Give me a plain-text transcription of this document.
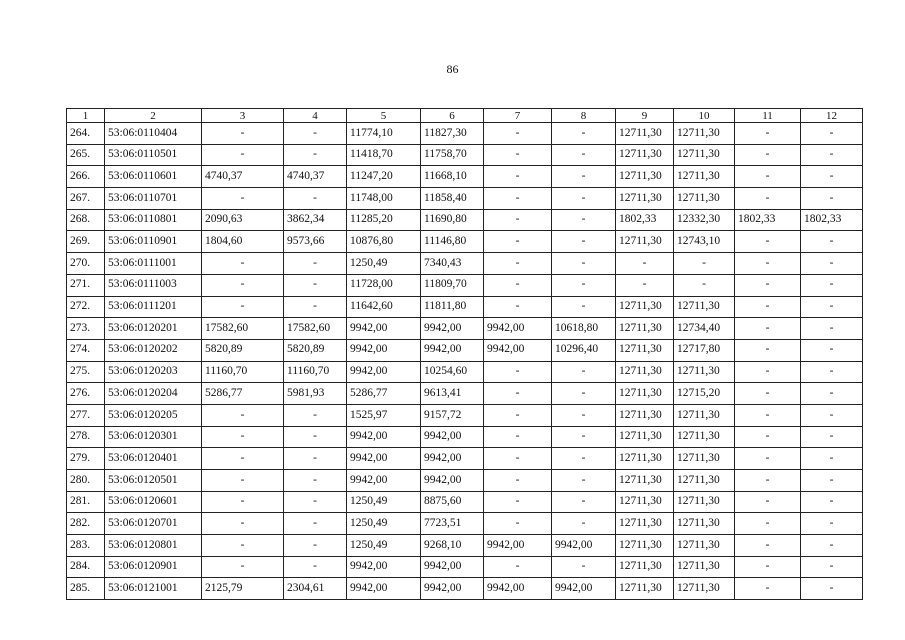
86
1	2	3	4	5	6	7	8	9	10	11	12
264.	53:06:0110404	-	-	11774,10	11827,30	-	-	12711,30	12711,30	-	-
265.	53:06:0110501	-	-	11418,70	11758,70	-	-	12711,30	12711,30	-	-
266.	53:06:0110601	4740,37	4740,37	11247,20	11668,10	-	-	12711,30	12711,30	-	-
267.	53:06:0110701	-	-	11748,00	11858,40	-	-	12711,30	12711,30	-	-
268.	53:06:0110801	2090,63	3862,34	11285,20	11690,80	-	-	1802,33	12332,30	1802,33	1802,33
269.	53:06:0110901	1804,60	9573,66	10876,80	11146,80	-	-	12711,30	12743,10	-	-
270.	53:06:0111001	-	-	1250,49	7340,43	-	-	-	-	-	-
271.	53:06:0111003	-	-	11728,00	11809,70	-	-	-	-	-	-
272.	53:06:0111201	-	-	11642,60	11811,80	-	-	12711,30	12711,30	-	-
273.	53:06:0120201	17582,60	17582,60	9942,00	9942,00	9942,00	10618,80	12711,30	12734,40	-	-
274.	53:06:0120202	5820,89	5820,89	9942,00	9942,00	9942,00	10296,40	12711,30	12717,80	-	-
275.	53:06:0120203	11160,70	11160,70	9942,00	10254,60	-	-	12711,30	12711,30	-	-
276.	53:06:0120204	5286,77	5981,93	5286,77	9613,41	-	-	12711,30	12715,20	-	-
277.	53:06:0120205	-	-	1525,97	9157,72	-	-	12711,30	12711,30	-	-
278.	53:06:0120301	-	-	9942,00	9942,00	-	-	12711,30	12711,30	-	-
279.	53:06:0120401	-	-	9942,00	9942,00	-	-	12711,30	12711,30	-	-
280.	53:06:0120501	-	-	9942,00	9942,00	-	-	12711,30	12711,30	-	-
281.	53:06:0120601	-	-	1250,49	8875,60	-	-	12711,30	12711,30	-	-
282.	53:06:0120701	-	-	1250,49	7723,51	-	-	12711,30	12711,30	-	-
283.	53:06:0120801	-	-	1250,49	9268,10	9942,00	9942,00	12711,30	12711,30	-	-
284.	53:06:0120901	-	-	9942,00	9942,00	-	-	12711,30	12711,30	-	-
285.	53:06:0121001	2125,79	2304,61	9942,00	9942,00	9942,00	9942,00	12711,30	12711,30	-	-
